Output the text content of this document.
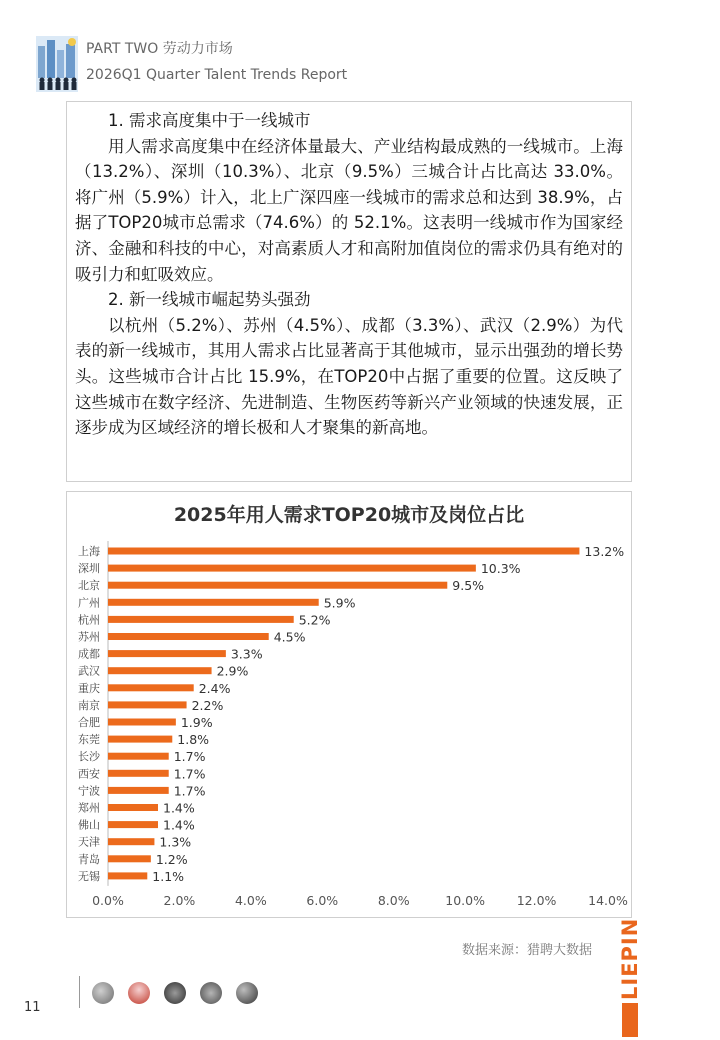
PART TWO 劳动力市场
2026Q1 Quarter Talent Trends Report

1. 需求高度集中于一线城市

用人需求高度集中在经济体量最大、产业结构最成熟的一线城市。上海（13.2%）、深圳（10.3%）、北京（9.5%）三城合计占比高达 33.0%。将广州（5.9%）计入，北上广深四座一线城市的需求总和达到 38.9%，占据了TOP20城市总需求（74.6%）的 52.1%。这表明一线城市作为国家经济、金融和科技的中心，对高素质人才和高附加值岗位的需求仍具有绝对的吸引力和虹吸效应。

2. 新一线城市崛起势头强劲

以杭州（5.2%）、苏州（4.5%）、成都（3.3%）、武汉（2.9%）为代表的新一线城市，其用人需求占比显著高于其他城市，显示出强劲的增长势头。这些城市合计占比 15.9%，在TOP20中占据了重要的位置。这反映了这些城市在数字经济、先进制造、生物医药等新兴产业领域的快速发展，正逐步成为区域经济的增长极和人才聚集的新高地。

2025年用人需求TOP20城市及岗位占比
上海	13.2%
深圳	10.3%
北京	9.5%
广州	5.9%
杭州	5.2%
苏州	4.5%
成都	3.3%
武汉	2.9%
重庆	2.4%
南京	2.2%
合肥	1.9%
东莞	1.8%
长沙	1.7%
西安	1.7%
宁波	1.7%
郑州	1.4%
佛山	1.4%
天津	1.3%
青岛	1.2%
无锡	1.1%
0.0%	2.0%	4.0%	6.0%	8.0%	10.0%	12.0%	14.0%
数据来源：猎聘大数据 LIEPIN
11
